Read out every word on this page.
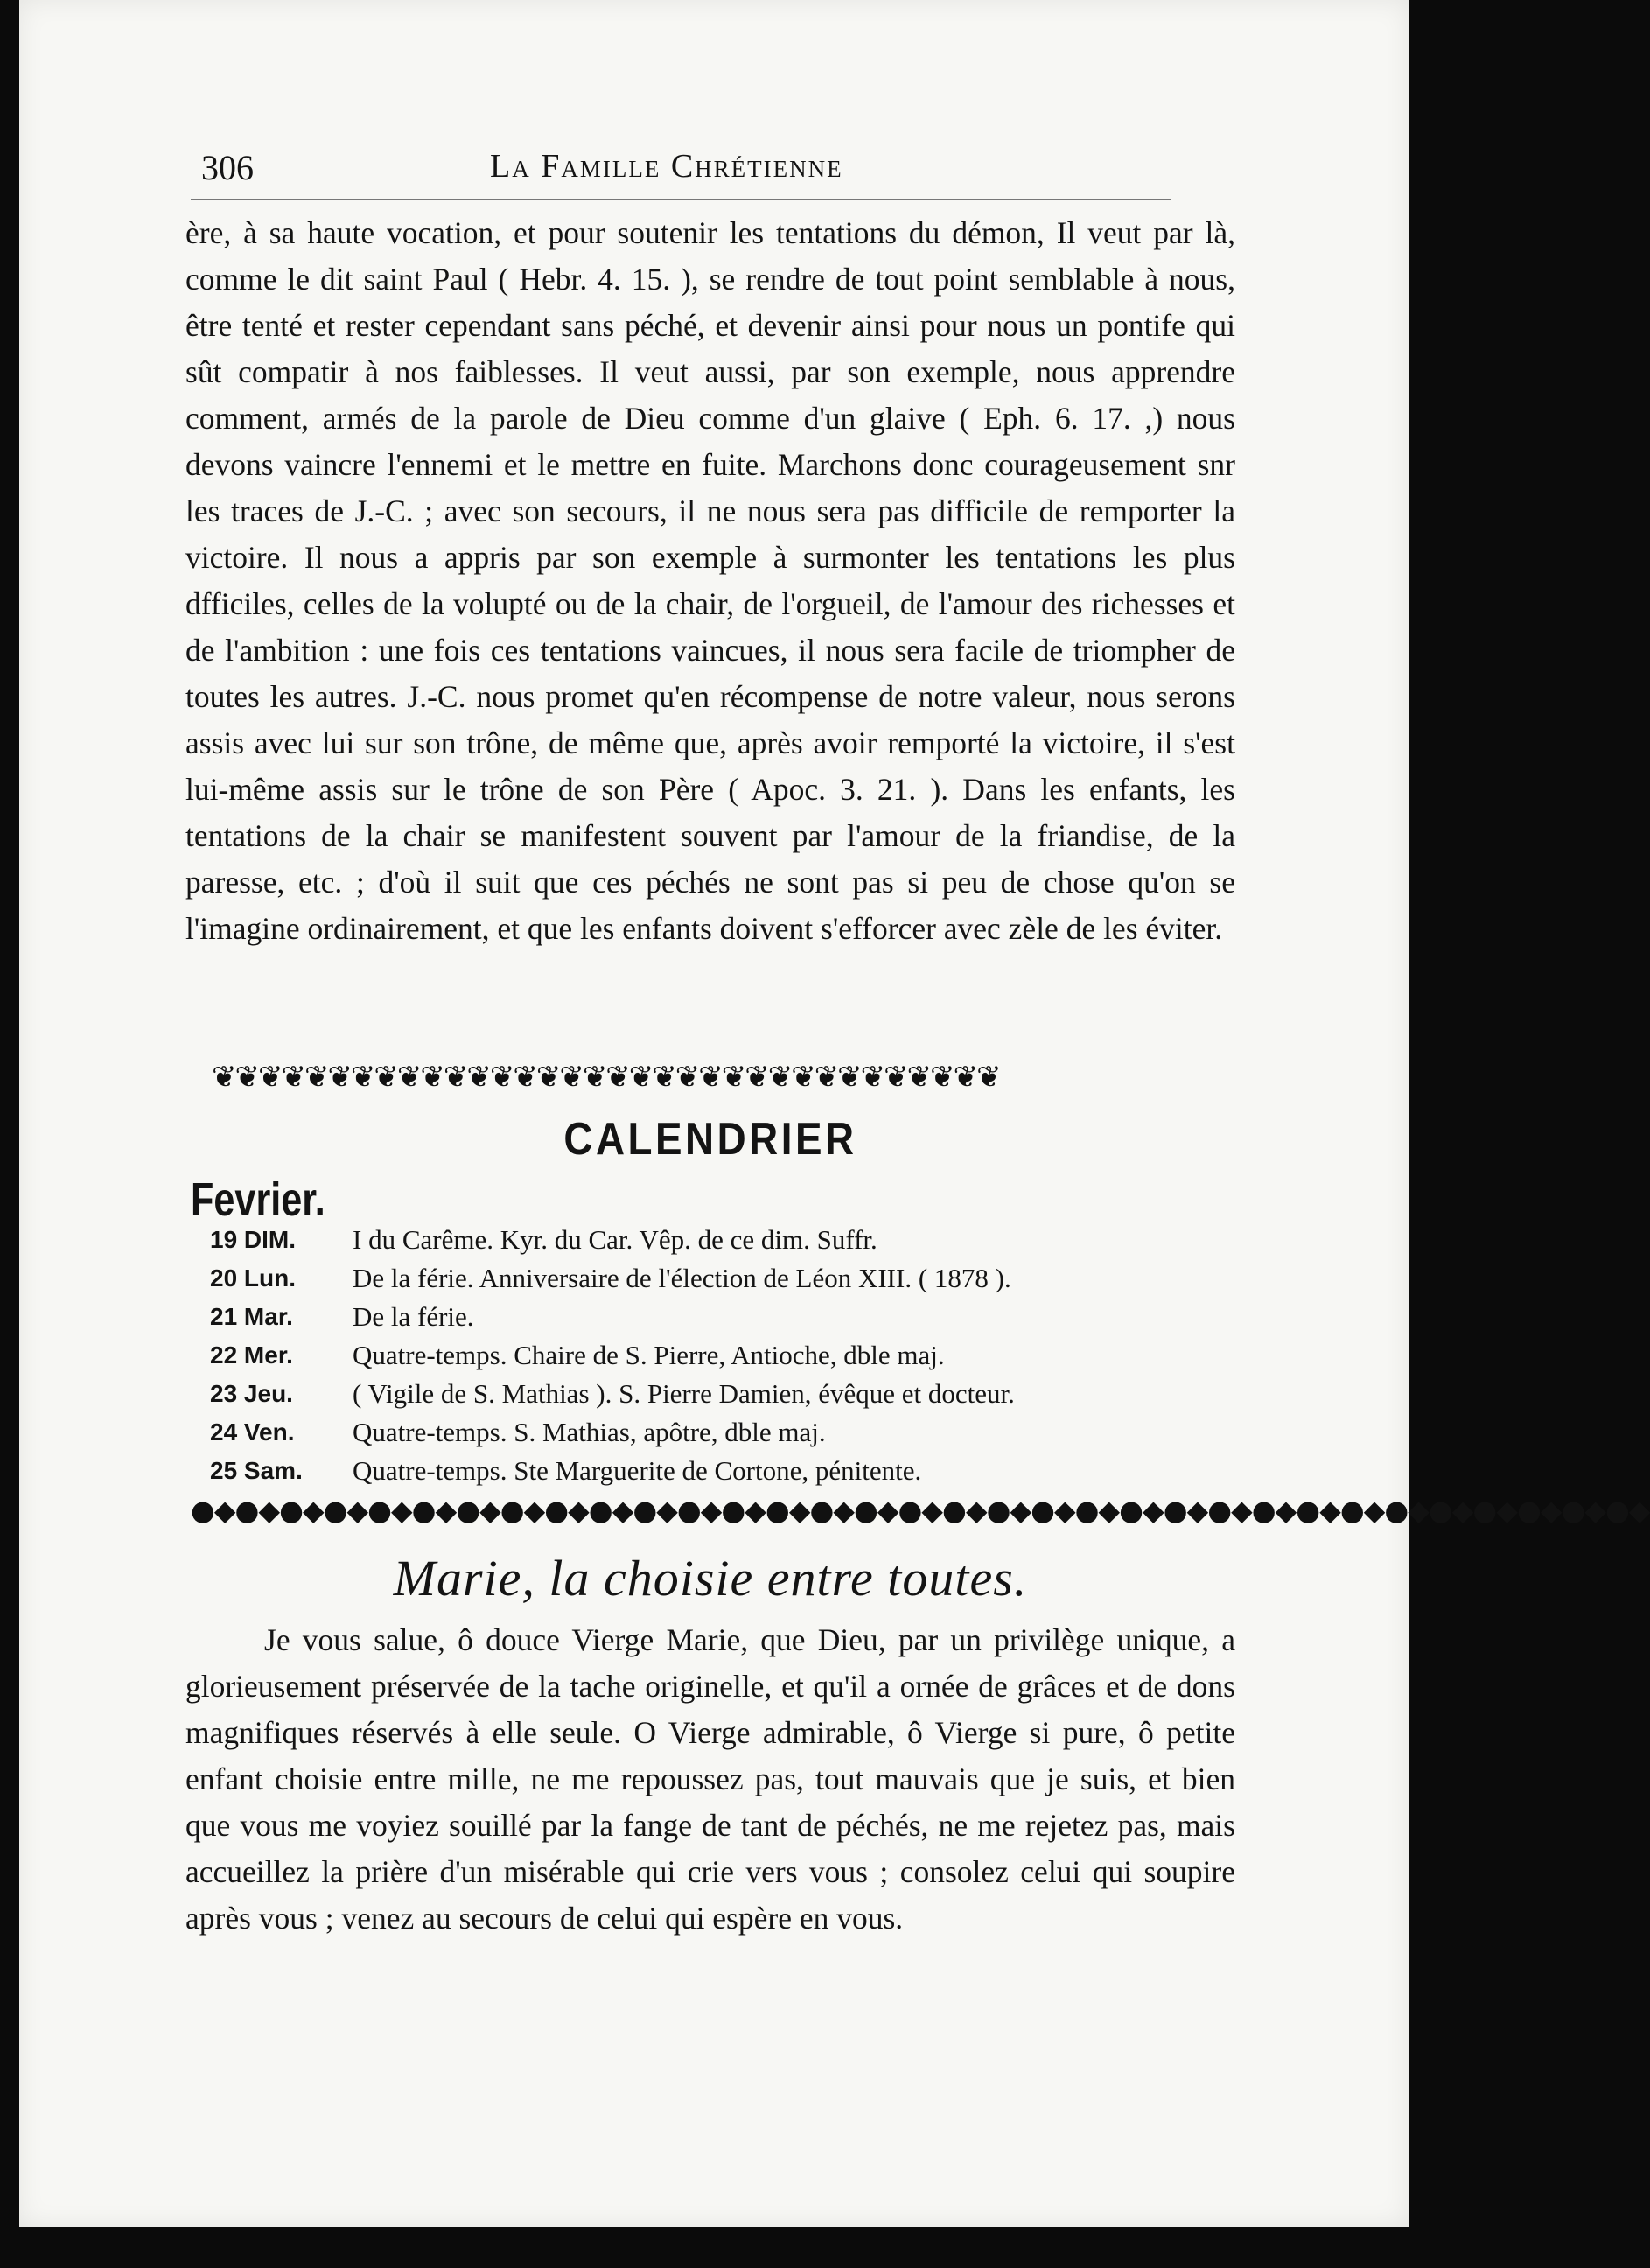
306	La Famille Chrétienne

ère, à sa haute vocation, et pour soutenir les tentations du démon, Il veut par là, comme le dit saint Paul ( Hebr. 4. 15. ), se rendre de tout point semblable à nous, être tenté et rester cependant sans péché, et devenir ainsi pour nous un pontife qui sût compatir à nos faiblesses. Il veut aussi, par son exemple, nous apprendre comment, armés de la parole de Dieu comme d'un glaive ( Eph. 6. 17. ,) nous devons vaincre l'ennemi et le mettre en fuite. Marchons donc courageusement snr les traces de J.-C. ; avec son secours, il ne nous sera pas difficile de remporter la victoire. Il nous a appris par son exemple à surmonter les tentations les plus dfficiles, celles de la volupté ou de la chair, de l'orgueil, de l'amour des richesses et de l'ambition : une fois ces tentations vaincues, il nous sera facile de triompher de toutes les autres. J.-C. nous promet qu'en récompense de notre valeur, nous serons assis avec lui sur son trône, de même que, après avoir remporté la victoire, il s'est lui-même assis sur le trône de son Père ( Apoc. 3. 21. ). Dans les enfants, les tentations de la chair se manifestent souvent par l'amour de la friandise, de la paresse, etc. ; d'où il suit que ces péchés ne sont pas si peu de chose qu'on se l'imagine ordinairement, et que les enfants doivent s'efforcer avec zèle de les éviter.

❦❦❦❦❦❦❦❦❦❦❦❦❦❦❦❦❦❦❦❦❦❦❦❦❦❦❦❦❦❦❦❦❦❦
CALENDRIER
Fevrier.
19 DIM.	I du Carême. Kyr. du Car. Vêp. de ce dim. Suffr.
20 Lun.	De la férie. Anniversaire de l'élection de Léon XIII. ( 1878 ).
21 Mar.	De la férie.
22 Mer.	Quatre-temps. Chaire de S. Pierre, Antioche, dble maj.
23 Jeu.	( Vigile de S. Mathias ). S. Pierre Damien, évêque et docteur.
24 Ven.	Quatre-temps. S. Mathias, apôtre, dble maj.
25 Sam.	Quatre-temps. Ste Marguerite de Cortone, pénitente.
●◆●◆●◆●◆●◆●◆●◆●◆●◆●◆●◆●◆●◆●◆●◆●◆●◆●◆●◆●◆●◆●◆●◆●◆●◆●◆●◆●◆●◆●◆●◆●◆●◆
Marie, la choisie entre toutes.

Je vous salue, ô douce Vierge Marie, que Dieu, par un privilège unique, a glorieusement préservée de la tache originelle, et qu'il a ornée de grâces et de dons magnifiques réservés à elle seule. O Vierge admirable, ô Vierge si pure, ô petite enfant choisie entre mille, ne me repoussez pas, tout mauvais que je suis, et bien que vous me voyiez souillé par la fange de tant de péchés, ne me rejetez pas, mais accueillez la prière d'un misérable qui crie vers vous ; consolez celui qui soupire après vous ; venez au secours de celui qui espère en vous.
